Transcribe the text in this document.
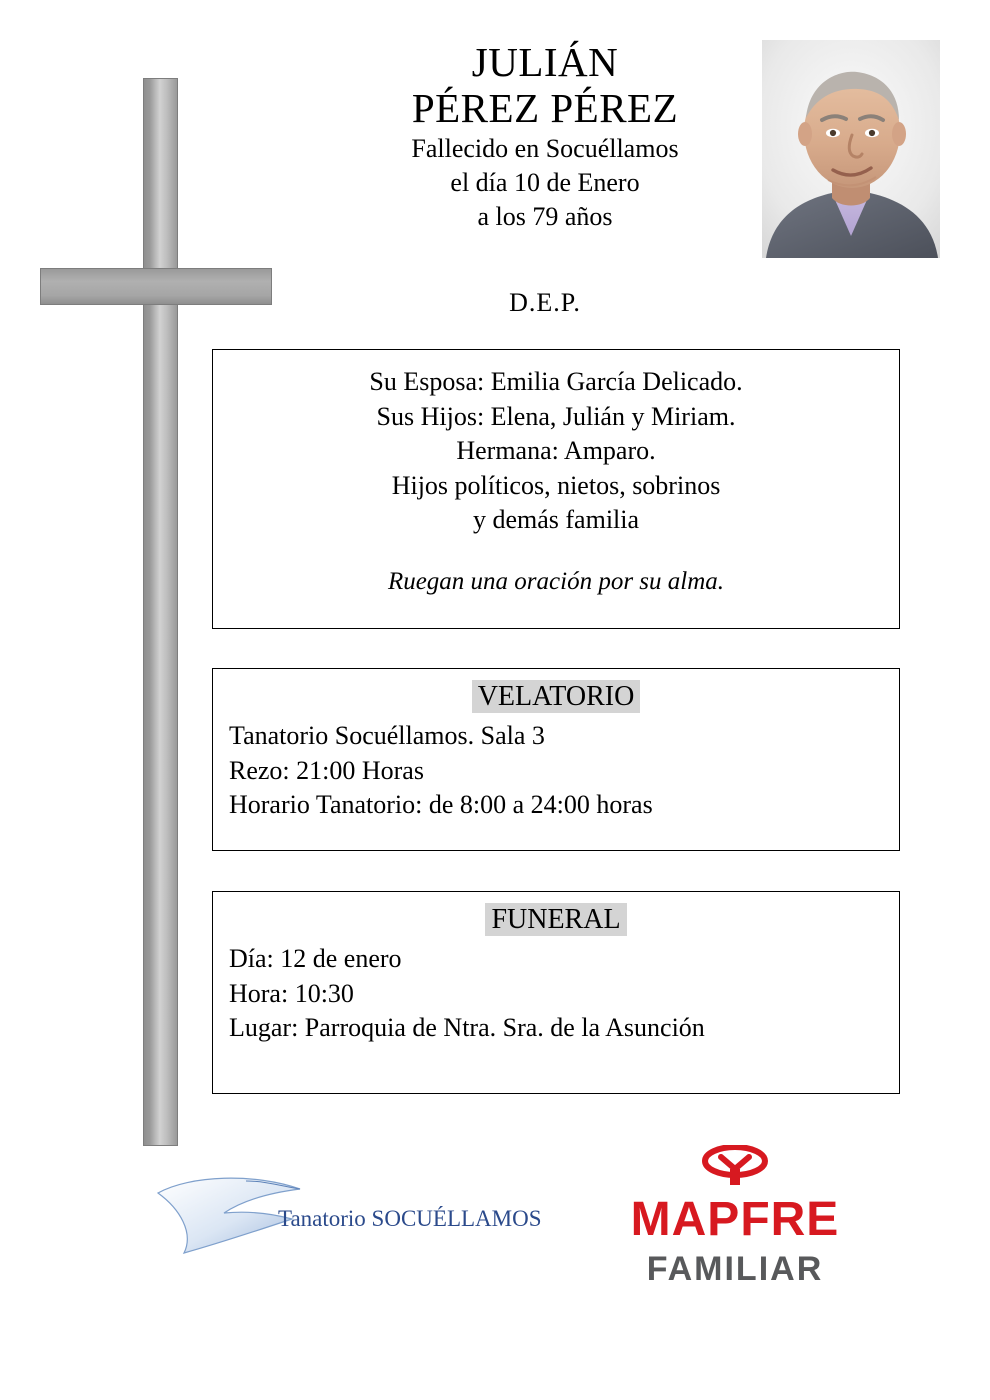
JULIÁN
PÉREZ PÉREZ
Fallecido en Socuéllamos
el día 10 de Enero
a los 79 años
D.E.P.
Su Esposa: Emilia García Delicado.
Sus Hijos: Elena, Julián y Miriam.
Hermana: Amparo.
Hijos políticos, nietos, sobrinos
y demás familia
Ruegan una oración por su alma.
VELATORIO
Tanatorio Socuéllamos. Sala 3
Rezo: 21:00 Horas
Horario Tanatorio: de 8:00 a 24:00 horas
FUNERAL
Día: 12 de enero
Hora: 10:30
Lugar: Parroquia de Ntra. Sra. de la Asunción
Tanatorio SOCUÉLLAMOS	MAPFRE
FAMILIAR
